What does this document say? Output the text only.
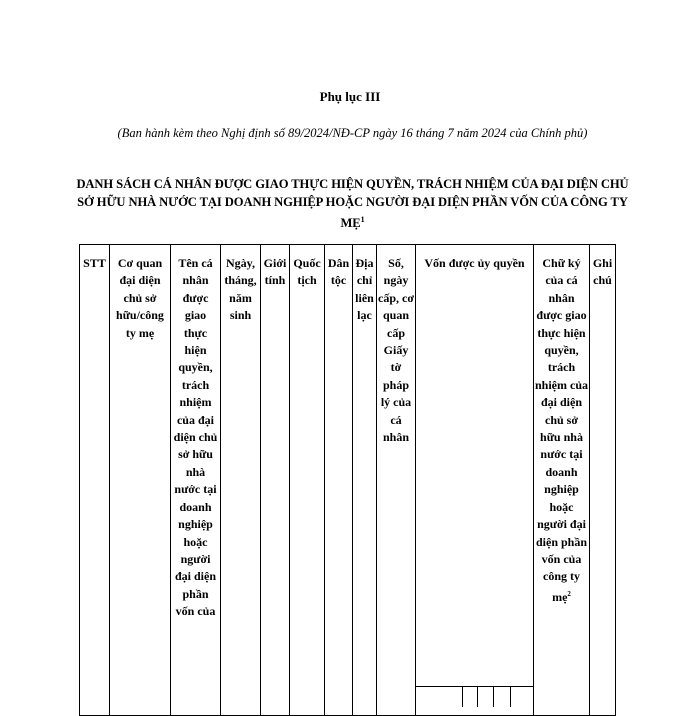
Phụ lục III
(Ban hành kèm theo Nghị định số 89/2024/NĐ-CP ngày 16 tháng 7 năm 2024 của Chính phủ)
DANH SÁCH CÁ NHÂN ĐƯỢC GIAO THỰC HIỆN QUYỀN, TRÁCH NHIỆM CỦA ĐẠI DIỆN CHỦ SỞ HỮU NHÀ NƯỚC TẠI DOANH NGHIỆP HOẶC NGƯỜI ĐẠI DIỆN PHẦN VỐN CỦA CÔNG TY MẸ$^1$
STT	Cơ quan đại diện chủ sở hữu/công ty mẹ	Tên cá nhân được giao thực hiện quyền, trách nhiệm của đại diện chủ sở hữu nhà nước tại doanh nghiệp hoặc người đại diện phần vốn của	Ngày, tháng, năm sinh	Giới tính	Quốc tịch	Dân tộc	Địa chỉ liên lạc	Số, ngày cấp, cơ quan cấp Giấy tờ pháp lý của cá nhân	Vốn được ủy quyền	Chữ ký của cá nhân được giao thực hiện quyền, trách nhiệm của đại diện chủ sở hữu nhà nước tại doanh nghiệp hoặc người đại diện phần vốn của công ty mẹ$^2$	Ghi chú
